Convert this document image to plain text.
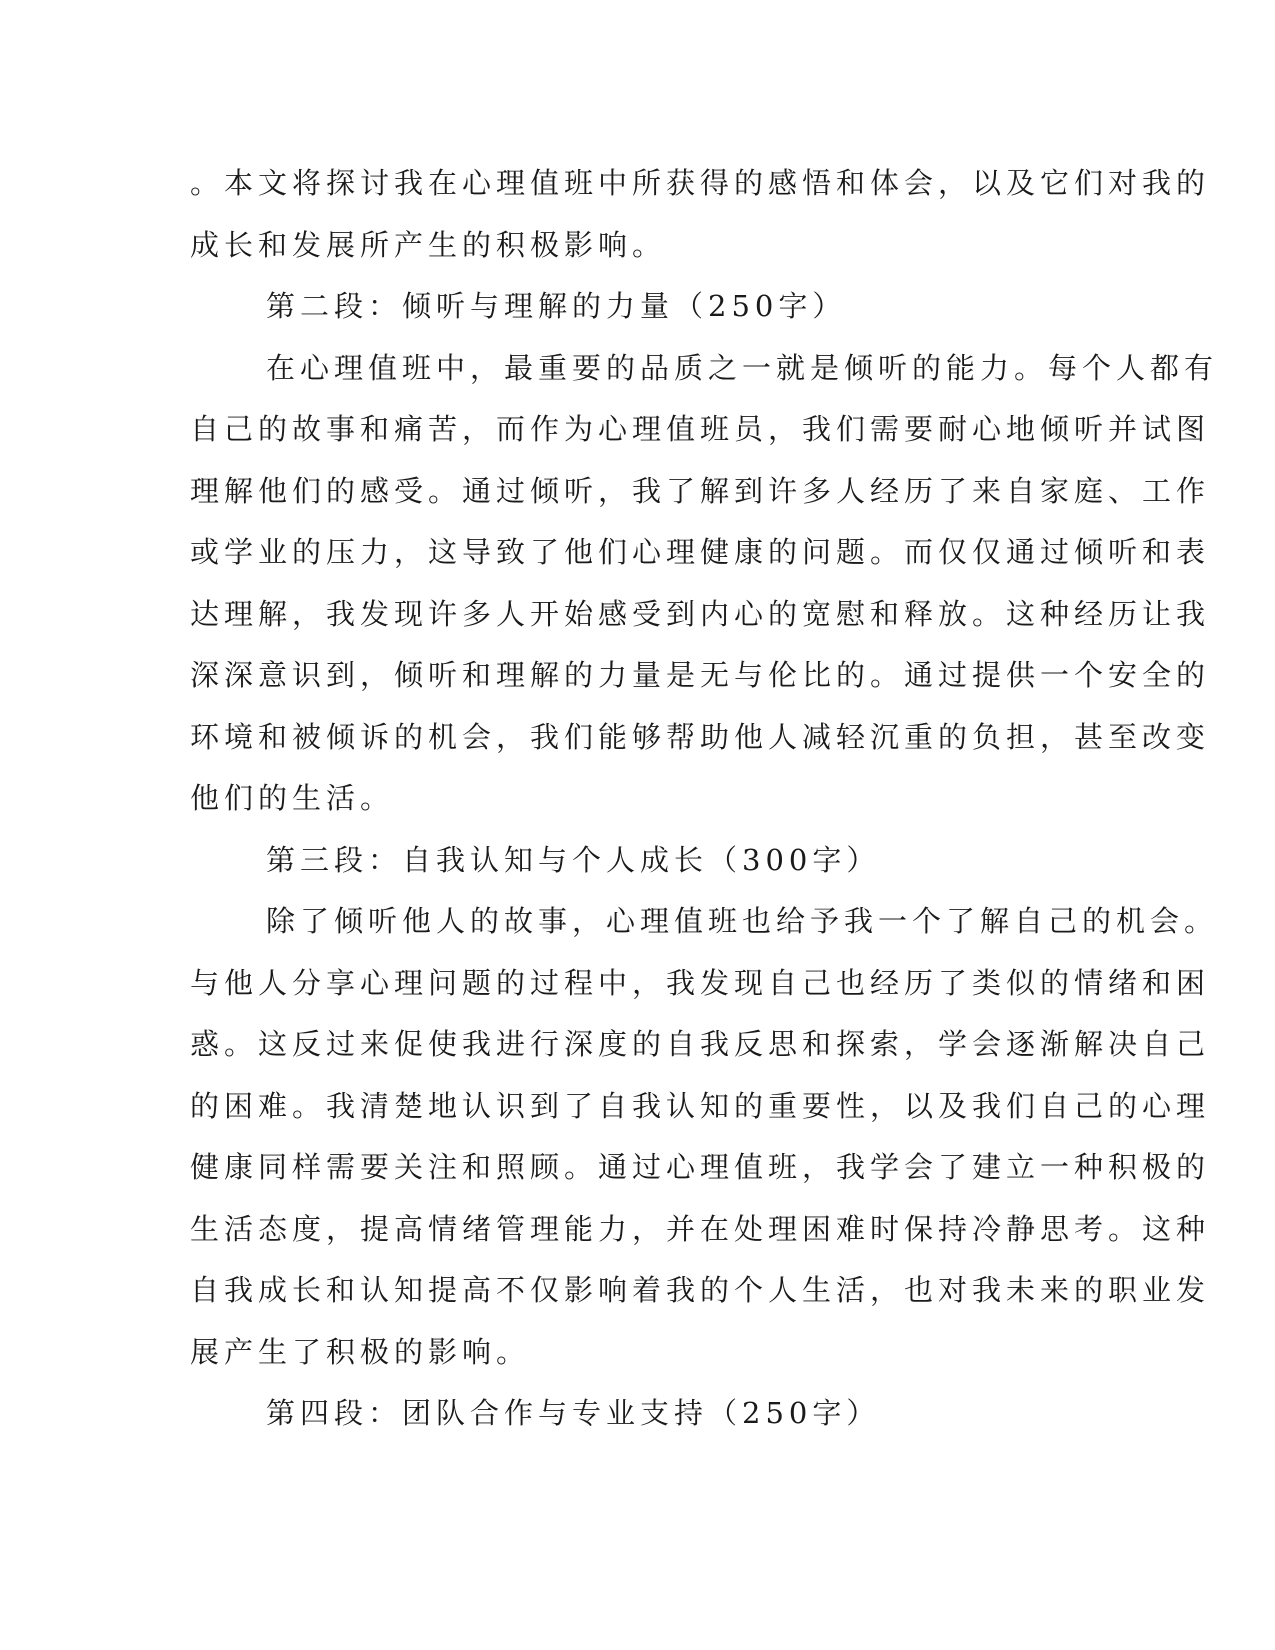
。本文将探讨我在心理值班中所获得的感悟和体会，以及它们对我的
成长和发展所产生的积极影响。
第二段：倾听与理解的力量（250字）
在心理值班中，最重要的品质之一就是倾听的能力。每个人都有
自己的故事和痛苦，而作为心理值班员，我们需要耐心地倾听并试图
理解他们的感受。通过倾听，我了解到许多人经历了来自家庭、工作
或学业的压力，这导致了他们心理健康的问题。而仅仅通过倾听和表
达理解，我发现许多人开始感受到内心的宽慰和释放。这种经历让我
深深意识到，倾听和理解的力量是无与伦比的。通过提供一个安全的
环境和被倾诉的机会，我们能够帮助他人减轻沉重的负担，甚至改变
他们的生活。
第三段：自我认知与个人成长（300字）
除了倾听他人的故事，心理值班也给予我一个了解自己的机会。
与他人分享心理问题的过程中，我发现自己也经历了类似的情绪和困
惑。这反过来促使我进行深度的自我反思和探索，学会逐渐解决自己
的困难。我清楚地认识到了自我认知的重要性，以及我们自己的心理
健康同样需要关注和照顾。通过心理值班，我学会了建立一种积极的
生活态度，提高情绪管理能力，并在处理困难时保持冷静思考。这种
自我成长和认知提高不仅影响着我的个人生活，也对我未来的职业发
展产生了积极的影响。
第四段：团队合作与专业支持（250字）
